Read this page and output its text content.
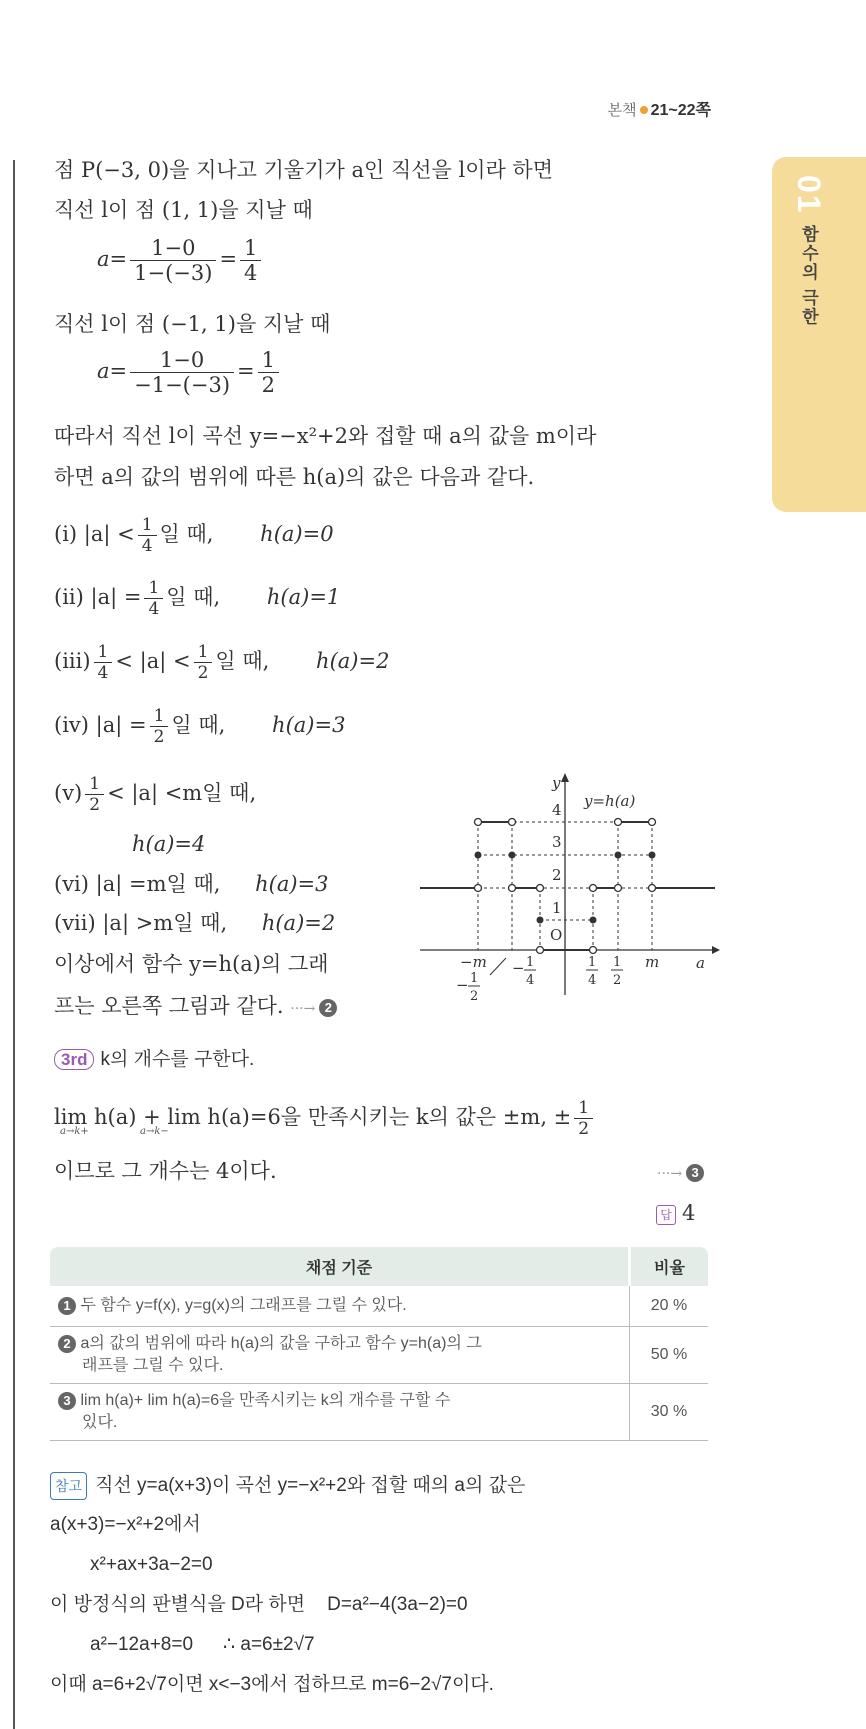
본책 21~22쪽
01
함수의 극한
점 P(−3, 0)을 지나고 기울기가 a인 직선을 l이라 하면
직선 l이 점 (1, 1)을 지날 때
$a= \frac{1-0}{1-(-3)} = \frac{1}{4}$
직선 l이 점 (−1, 1)을 지날 때
$a= \frac{1-0}{-1-(-3)} = \frac{1}{2}$
따라서 직선 l이 곡선 y=−x²+2와 접할 때 a의 값을 m이라
하면 a의 값의 범위에 따른 h(a)의 값은 다음과 같다.
(i) $|a| < \frac{1}{4}$ 일 때, h(a)=0
(ii) $|a| = \frac{1}{4}$ 일 때, h(a)=1
$(iii) \frac{1}{4} < |a| < \frac{1}{2}$ 일 때, h(a)=2
(iv) $|a| = \frac{1}{2}$ 일 때, h(a)=3
$(v) \frac{1}{2} < |a| <m$일 때,
h(a)=4
(vi) |a| =m일 때, h(a)=3
(vii) |a| >m일 때, h(a)=2
이상에서 함수 y=h(a)의 그래
프는 오른쪽 그림과 같다. ···→ 2
y
a
y=h(a)
O
4
3
2
1
−m
− 1
2
− 1
4
1
4
1
2
m
3rd k의 개수를 구한다.
lim h(a) + lim h(a)=6을 만족시키는 k의 값은 ±m, ± $\frac{1}{2}$
a→k+	a→k−
이므로 그 개수는 4이다.	···→ 3
답 4
채점 기준	비율
1 두 함수 y=f(x), y=g(x)의 그래프를 그릴 수 있다.	20 %
2 a의 값의 범위에 따라 h(a)의 값을 구하고 함수 y=h(a)의 그
래프를 그릴 수 있다.	50 %
3 lim h(a)+ lim h(a)=6을 만족시키는 k의 개수를 구할 수
있다.	30 %
참고 직선 y=a(x+3)이 곡선 y=−x²+2와 접할 때의 a의 값은
a(x+3)=−x²+2에서
x²+ax+3a−2=0
이 방정식의 판별식을 D라 하면 D=a²−4(3a−2)=0
a²−12a+8=0 ∴ a=6±2√7
이때 a=6+2√7이면 x<−3에서 접하므로 m=6−2√7이다.
